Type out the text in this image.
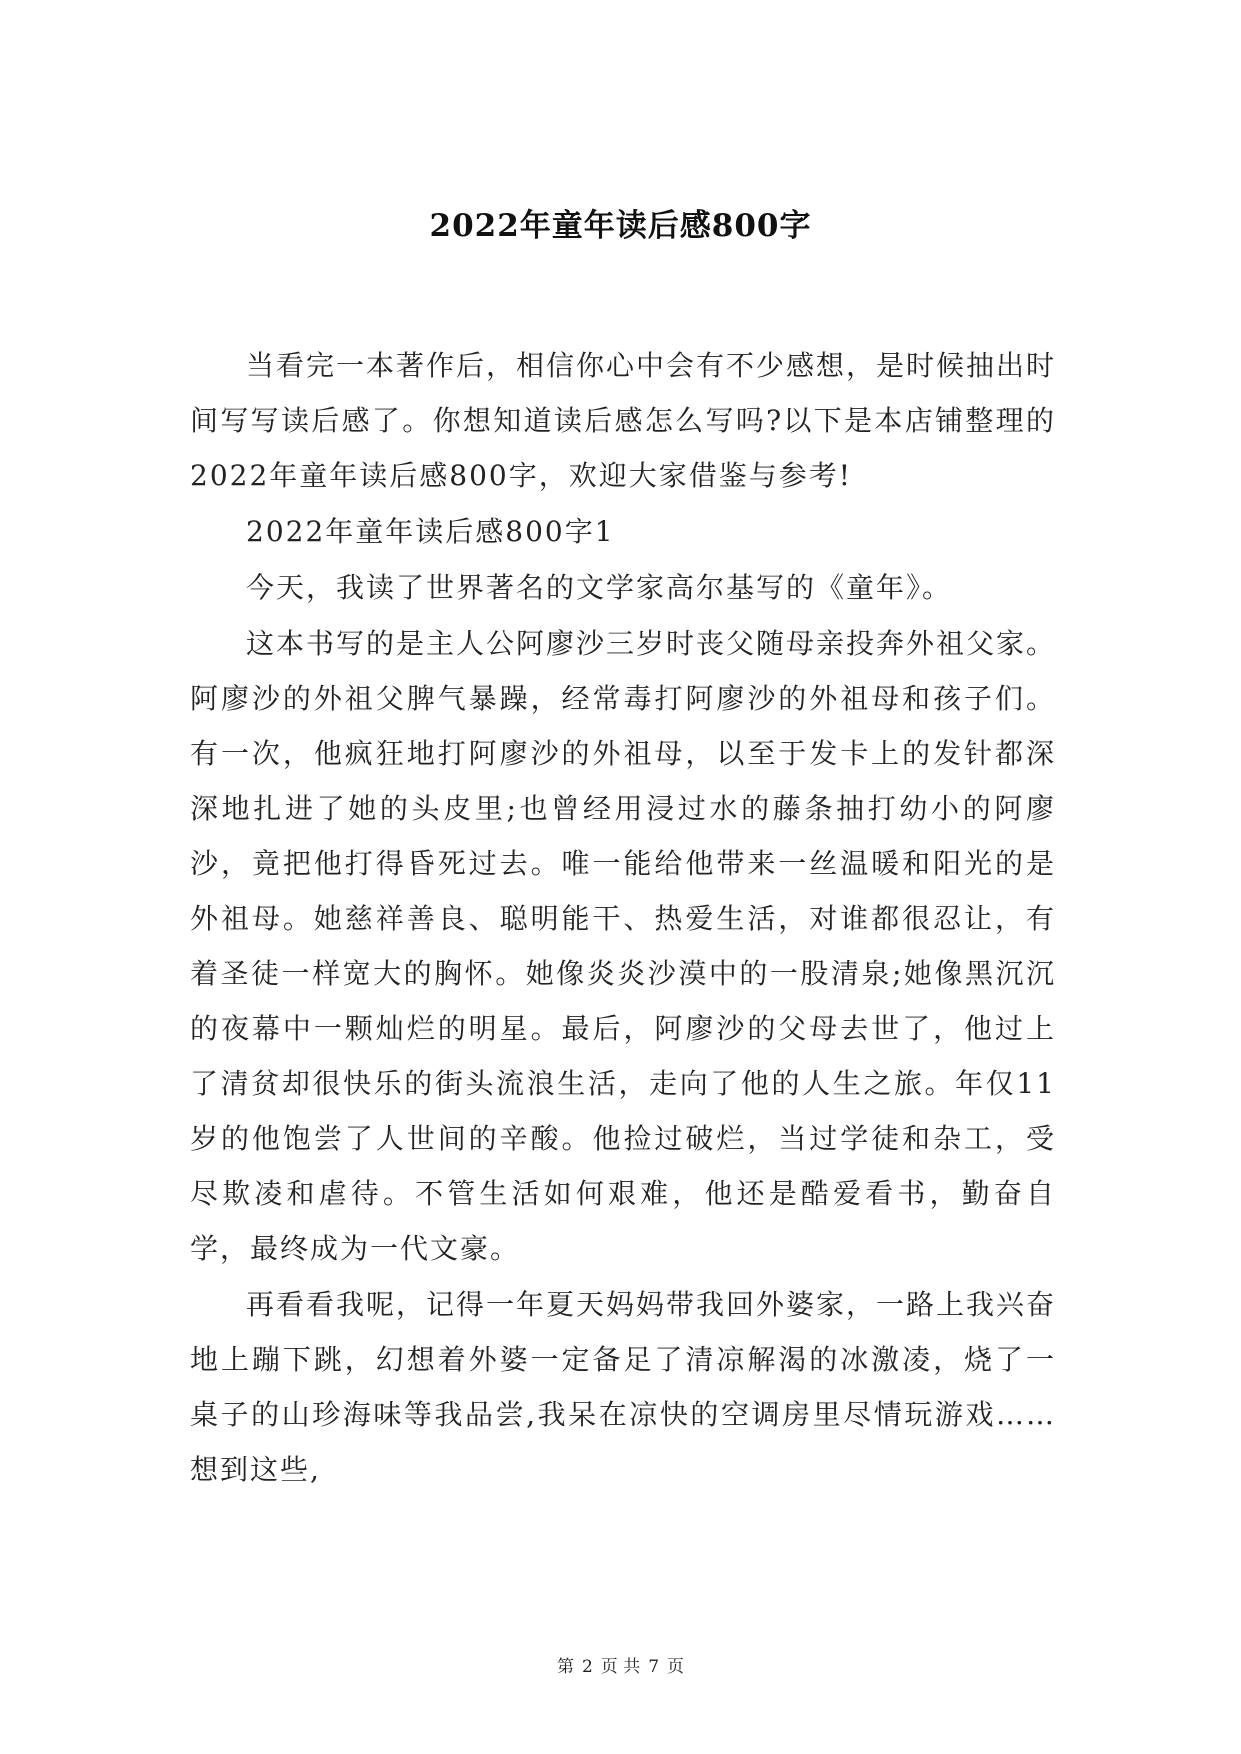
2022年童年读后感800字

当看完一本著作后，相信你心中会有不少感想，是时候抽出时间写写读后感了。你想知道读后感怎么写吗?以下是本店铺整理的2022年童年读后感800字，欢迎大家借鉴与参考!

2022年童年读后感800字1

今天，我读了世界著名的文学家高尔基写的《童年》。

这本书写的是主人公阿廖沙三岁时丧父随母亲投奔外祖父家。阿廖沙的外祖父脾气暴躁，经常毒打阿廖沙的外祖母和孩子们。有一次，他疯狂地打阿廖沙的外祖母，以至于发卡上的发针都深深地扎进了她的头皮里;也曾经用浸过水的藤条抽打幼小的阿廖沙，竟把他打得昏死过去。唯一能给他带来一丝温暖和阳光的是外祖母。她慈祥善良、聪明能干、热爱生活，对谁都很忍让，有着圣徒一样宽大的胸怀。她像炎炎沙漠中的一股清泉;她像黑沉沉的夜幕中一颗灿烂的明星。最后，阿廖沙的父母去世了，他过上了清贫却很快乐的街头流浪生活，走向了他的人生之旅。年仅11岁的他饱尝了人世间的辛酸。他捡过破烂，当过学徒和杂工，受尽欺凌和虐待。不管生活如何艰难，他还是酷爱看书，勤奋自学，最终成为一代文豪。

再看看我呢，记得一年夏天妈妈带我回外婆家，一路上我兴奋地上蹦下跳，幻想着外婆一定备足了清凉解渴的冰激凌，烧了一桌子的山珍海味等我品尝,我呆在凉快的空调房里尽情玩游戏……想到这些,

第 2 页 共 7 页
